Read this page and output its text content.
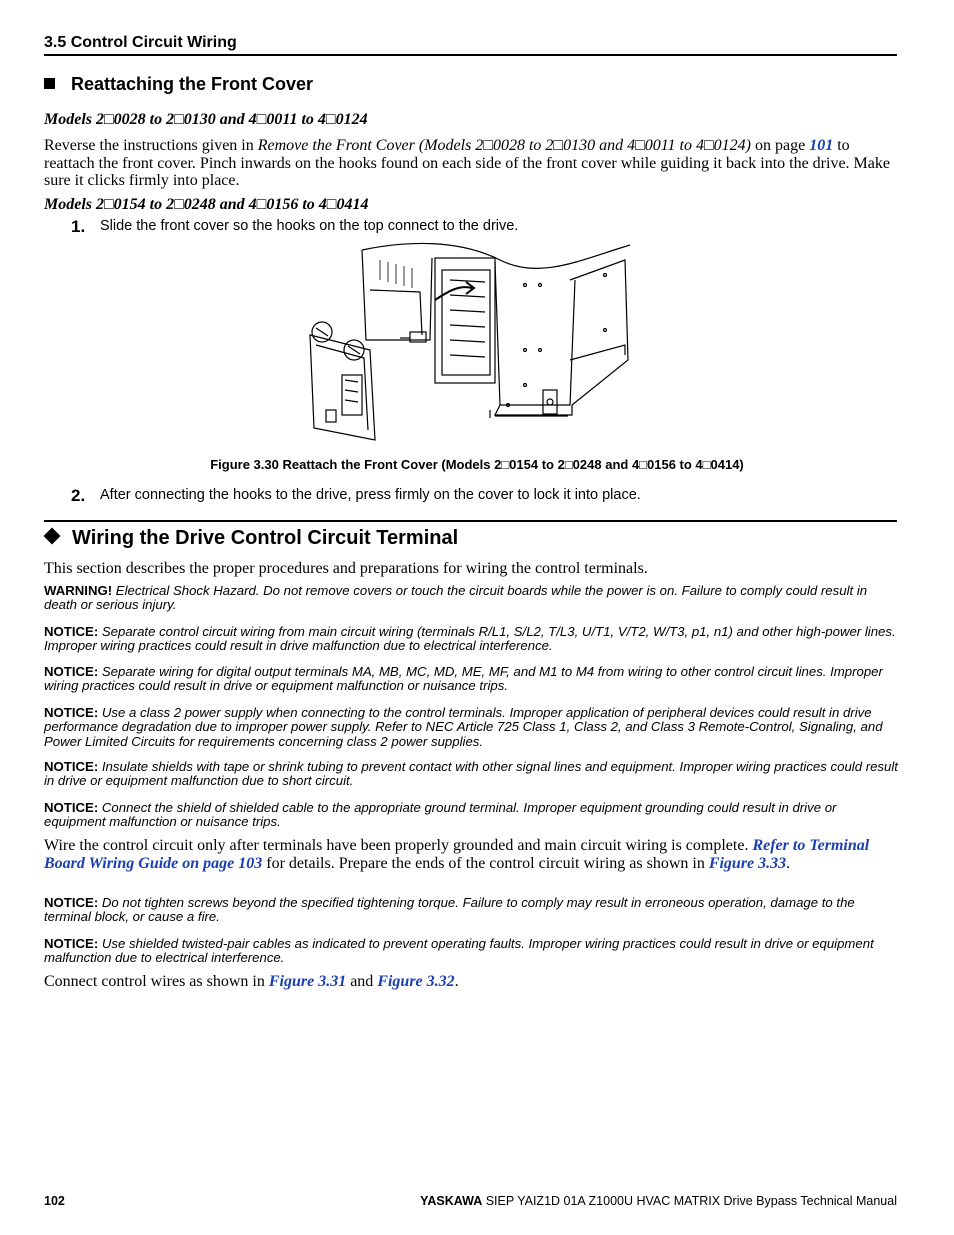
3.5 Control Circuit Wiring
Reattaching the Front Cover
Models 2□0028 to 2□0130 and 4□0011 to 4□0124
Reverse the instructions given in Remove the Front Cover (Models 2□0028 to 2□0130 and 4□0011 to 4□0124) on page 101 to reattach the front cover. Pinch inwards on the hooks found on each side of the front cover while guiding it back into the drive. Make sure it clicks firmly into place.
Models 2□0154 to 2□0248 and 4□0156 to 4□0414
1. Slide the front cover so the hooks on the top connect to the drive.
Figure 3.30 Reattach the Front Cover (Models 2□0154 to 2□0248 and 4□0156 to 4□0414)
2. After connecting the hooks to the drive, press firmly on the cover to lock it into place.
Wiring the Drive Control Circuit Terminal
This section describes the proper procedures and preparations for wiring the control terminals.
WARNING! Electrical Shock Hazard. Do not remove covers or touch the circuit boards while the power is on. Failure to comply could result in death or serious injury.
NOTICE: Separate control circuit wiring from main circuit wiring (terminals R/L1, S/L2, T/L3, U/T1, V/T2, W/T3, p1, n1) and other high-power lines. Improper wiring practices could result in drive malfunction due to electrical interference.
NOTICE: Separate wiring for digital output terminals MA, MB, MC, MD, ME, MF, and M1 to M4 from wiring to other control circuit lines. Improper wiring practices could result in drive or equipment malfunction or nuisance trips.
NOTICE: Use a class 2 power supply when connecting to the control terminals. Improper application of peripheral devices could result in drive performance degradation due to improper power supply. Refer to NEC Article 725 Class 1, Class 2, and Class 3 Remote-Control, Signaling, and Power Limited Circuits for requirements concerning class 2 power supplies.
NOTICE: Insulate shields with tape or shrink tubing to prevent contact with other signal lines and equipment. Improper wiring practices could result in drive or equipment malfunction due to short circuit.
NOTICE: Connect the shield of shielded cable to the appropriate ground terminal. Improper equipment grounding could result in drive or equipment malfunction or nuisance trips.
Wire the control circuit only after terminals have been properly grounded and main circuit wiring is complete. Refer to Terminal Board Wiring Guide on page 103 for details. Prepare the ends of the control circuit wiring as shown in Figure 3.33.
NOTICE: Do not tighten screws beyond the specified tightening torque. Failure to comply may result in erroneous operation, damage to the terminal block, or cause a fire.
NOTICE: Use shielded twisted-pair cables as indicated to prevent operating faults. Improper wiring practices could result in drive or equipment malfunction due to electrical interference.
Connect control wires as shown in Figure 3.31 and Figure 3.32.
102	YASKAWA SIEP YAIZ1D 01A Z1000U HVAC MATRIX Drive Bypass Technical Manual
